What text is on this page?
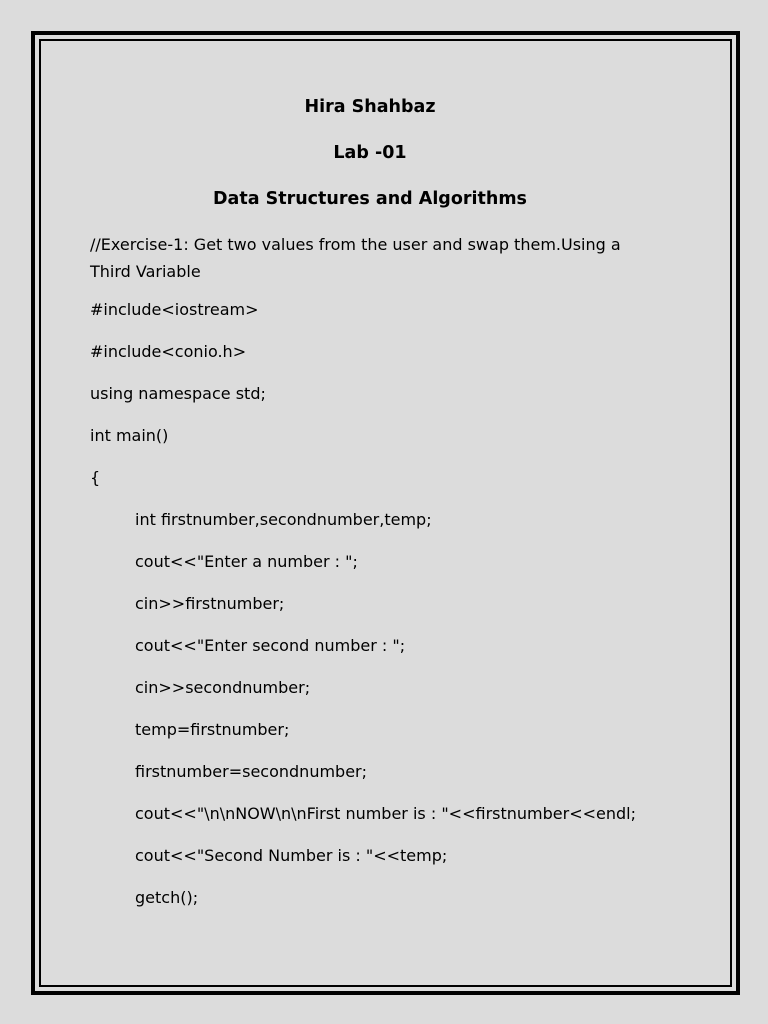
Hira Shahbaz

Lab -01

Data Structures and Algorithms

//Exercise-1: Get two values from the user and swap them.Using a Third Variable

#include<iostream>
#include<conio.h>
using namespace std;
int main()
{
int firstnumber,secondnumber,temp;
cout<<"Enter a number : ";
cin>>firstnumber;
cout<<"Enter second number : ";
cin>>secondnumber;
temp=firstnumber;
firstnumber=secondnumber;
cout<<"\n\nNOW\n\nFirst number is : "<<firstnumber<<endl;
cout<<"Second Number is : "<<temp;
getch();
